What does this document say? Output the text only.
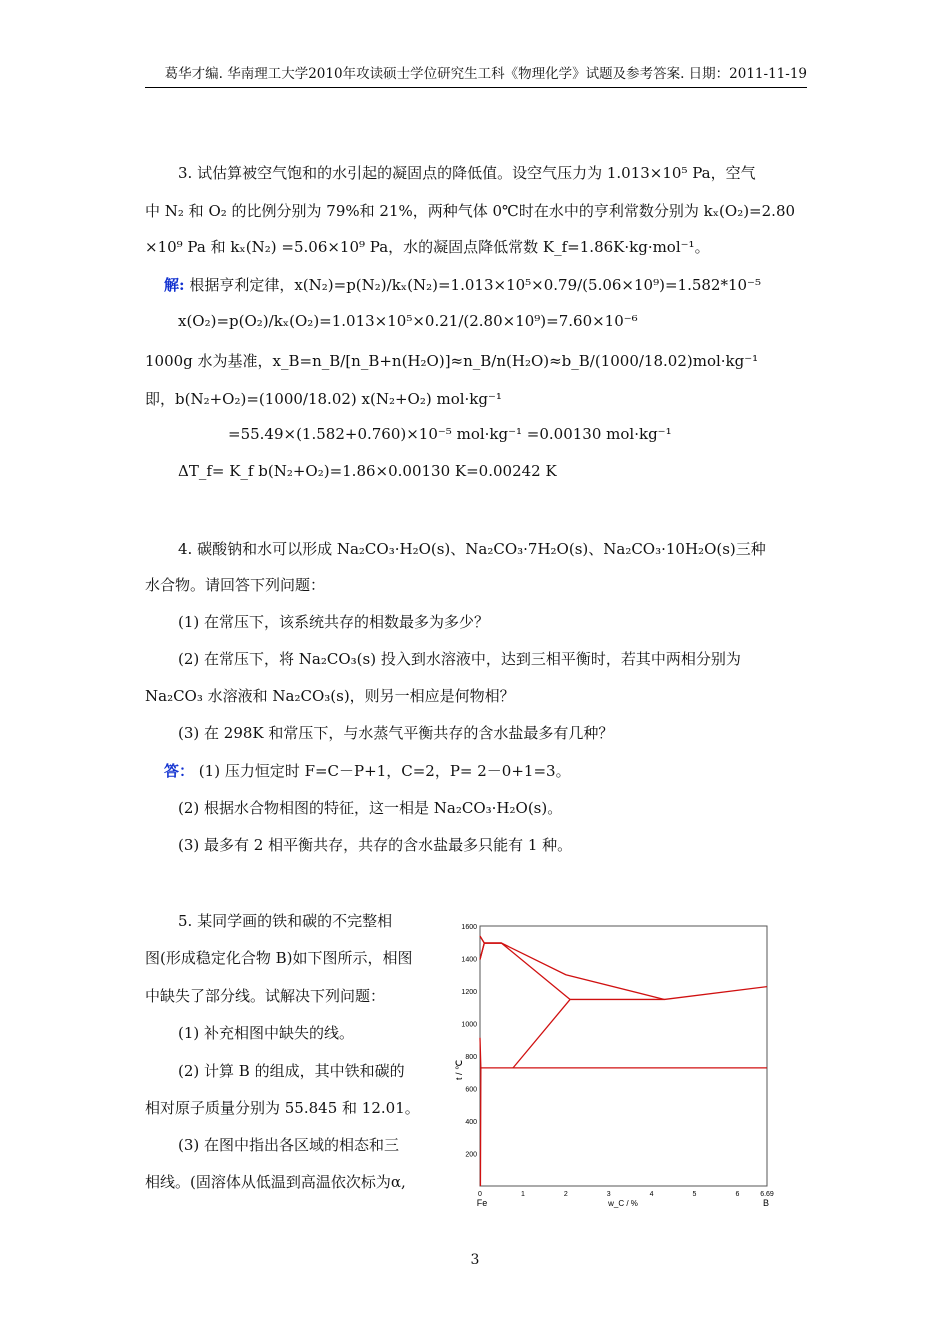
葛华才编. 华南理工大学2010年攻读硕士学位研究生工科《物理化学》试题及参考答案. 日期：2011-11-19
3. 试估算被空气饱和的水引起的凝固点的降低值。设空气压力为 1.013×10⁵ Pa，空气
中 N₂ 和 O₂ 的比例分别为 79%和 21%，两种气体 0℃时在水中的亨利常数分别为 kₓ(O₂)=2.80
×10⁹ Pa 和 kₓ(N₂) =5.06×10⁹ Pa，水的凝固点降低常数 K_f=1.86K·kg·mol⁻¹。
解: 根据亨利定律，x(N₂)=p(N₂)/kₓ(N₂)=1.013×10⁵×0.79/(5.06×10⁹)=1.582*10⁻⁵
x(O₂)=p(O₂)/kₓ(O₂)=1.013×10⁵×0.21/(2.80×10⁹)=7.60×10⁻⁶
1000g 水为基准，x_B=n_B/[n_B+n(H₂O)]≈n_B/n(H₂O)≈b_B/(1000/18.02)mol·kg⁻¹
即，b(N₂+O₂)=(1000/18.02) x(N₂+O₂) mol·kg⁻¹
=55.49×(1.582+0.760)×10⁻⁵ mol·kg⁻¹ =0.00130 mol·kg⁻¹
ΔT_f= K_f b(N₂+O₂)=1.86×0.00130 K=0.00242 K
4. 碳酸钠和水可以形成 Na₂CO₃·H₂O(s)、Na₂CO₃·7H₂O(s)、Na₂CO₃·10H₂O(s)三种
水合物。请回答下列问题：
(1) 在常压下，该系统共存的相数最多为多少？
(2) 在常压下，将 Na₂CO₃(s) 投入到水溶液中，达到三相平衡时，若其中两相分别为
Na₂CO₃ 水溶液和 Na₂CO₃(s)，则另一相应是何物相？
(3) 在 298K 和常压下，与水蒸气平衡共存的含水盐最多有几种？
答： (1) 压力恒定时 F=C－P+1，C=2，P= 2－0+1=3。
(2) 根据水合物相图的特征，这一相是 Na₂CO₃·H₂O(s)。
(3) 最多有 2 相平衡共存，共存的含水盐最多只能有 1 种。
5. 某同学画的铁和碳的不完整相
图(形成稳定化合物 B)如下图所示，相图
中缺失了部分线。试解决下列问题：
(1) 补充相图中缺失的线。
(2) 计算 B 的组成，其中铁和碳的
相对原子质量分别为 55.845 和 12.01。
(3) 在图中指出各区域的相态和三
相线。(固溶体从低温到高温依次标为α,
1600
1400
1200
1000
800
600
400
200
0	1	2	3	4	5	6	6.69
t / ℃
w_C / %
Fe	B
3
